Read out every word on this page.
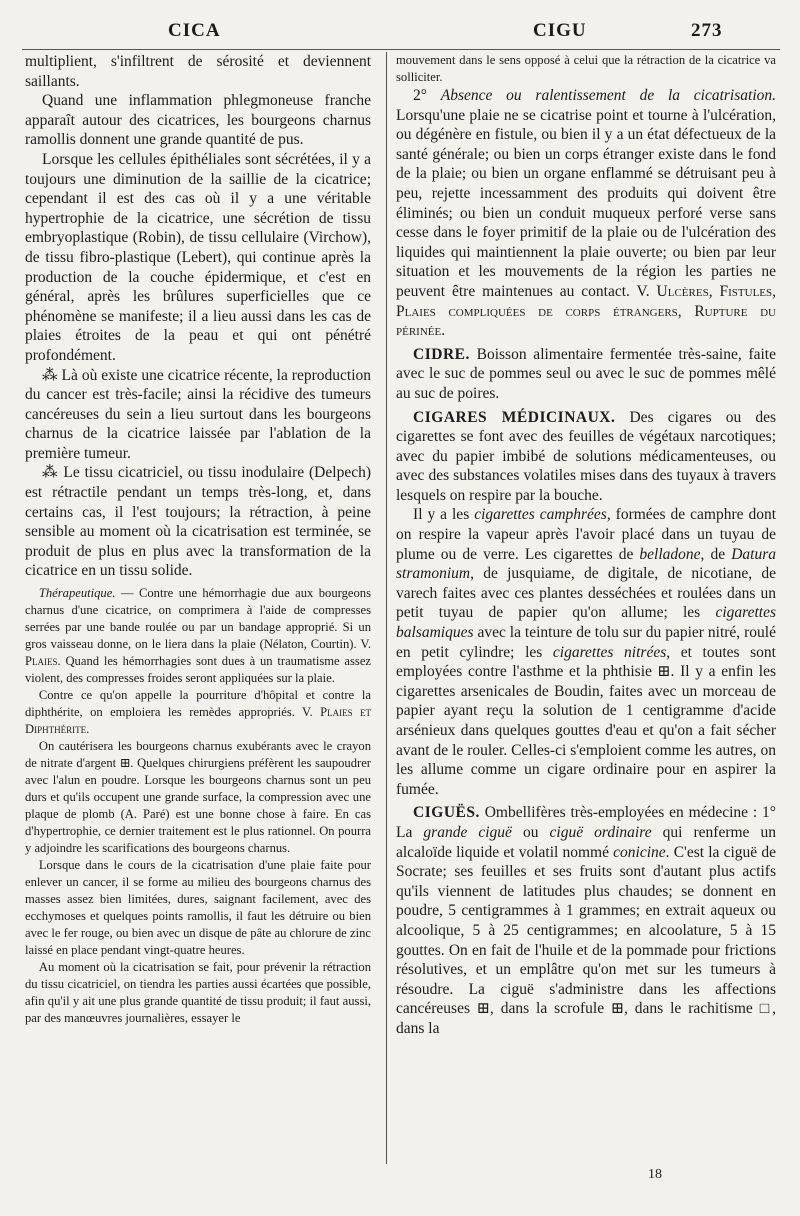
CICA	CIGU	273

multiplient, s'infiltrent de sérosité et deviennent saillants.

Quand une inflammation phlegmoneuse franche apparaît autour des cicatrices, les bourgeons charnus ramollis donnent une grande quantité de pus.

Lorsque les cellules épithéliales sont sécrétées, il y a toujours une diminution de la saillie de la cicatrice; cependant il est des cas où il y a une véritable hypertrophie de la cicatrice, une sécrétion de tissu embryoplastique (Robin), de tissu cellulaire (Virchow), de tissu fibro-plastique (Lebert), qui continue après la production de la couche épidermique, et c'est en général, après les brûlures superficielles que ce phénomène se manifeste; il a lieu aussi dans les cas de plaies étroites de la peau et qui ont pénétré profondément.

⁂ Là où existe une cicatrice récente, la reproduction du cancer est très-facile; ainsi la récidive des tumeurs cancéreuses du sein a lieu surtout dans les bourgeons charnus de la cicatrice laissée par l'ablation de la première tumeur.

⁂ Le tissu cicatriciel, ou tissu inodulaire (Delpech) est rétractile pendant un temps très-long, et, dans certains cas, il l'est toujours; la rétraction, à peine sensible au moment où la cicatrisation est terminée, se produit de plus en plus avec la transformation de la cicatrice en un tissu solide.

Thérapeutique. — Contre une hémorrhagie due aux bourgeons charnus d'une cicatrice, on comprimera à l'aide de compresses serrées par une bande roulée ou par un bandage approprié. Si un gros vaisseau donne, on le liera dans la plaie (Nélaton, Courtin). V. Plaies. Quand les hémorrhagies sont dues à un traumatisme assez violent, des compresses froides seront appliquées sur la plaie.

Contre ce qu'on appelle la pourriture d'hôpital et contre la diphthérite, on emploiera les remèdes appropriés. V. Plaies et Diphthérite.

On cautérisera les bourgeons charnus exubérants avec le crayon de nitrate d'argent ⊞. Quelques chirurgiens préfèrent les saupoudrer avec l'alun en poudre. Lorsque les bourgeons charnus sont un peu durs et qu'ils occupent une grande surface, la compression avec une plaque de plomb (A. Paré) est une bonne chose à faire. En cas d'hypertrophie, ce dernier traitement est le plus rationnel. On pourra y adjoindre les scarifications des bourgeons charnus.

Lorsque dans le cours de la cicatrisation d'une plaie faite pour enlever un cancer, il se forme au milieu des bourgeons charnus des masses assez bien limitées, dures, saignant facilement, avec des ecchymoses et quelques points ramollis, il faut les détruire ou bien avec le fer rouge, ou bien avec un disque de pâte au chlorure de zinc laissé en place pendant vingt-quatre heures.

Au moment où la cicatrisation se fait, pour prévenir la rétraction du tissu cicatriciel, on tiendra les parties aussi écartées que possible, afin qu'il y ait une plus grande quantité de tissu produit; il faut aussi, par des manœuvres journalières, essayer le

mouvement dans le sens opposé à celui que la rétraction de la cicatrice va solliciter.

2° Absence ou ralentissement de la cicatrisation. Lorsqu'une plaie ne se cicatrise point et tourne à l'ulcération, ou dégénère en fistule, ou bien il y a un état défectueux de la santé générale; ou bien un corps étranger existe dans le fond de la plaie; ou bien un organe enflammé se détruisant peu à peu, rejette incessamment des produits qui doivent être éliminés; ou bien un conduit muqueux perforé verse sans cesse dans le foyer primitif de la plaie ou de l'ulcération des liquides qui maintiennent la plaie ouverte; ou bien par leur situation et les mouvements de la région les parties ne peuvent être maintenues au contact. V. Ulcères, Fistules, Plaies compliquées de corps étrangers, Rupture du périnée.

CIDRE. Boisson alimentaire fermentée très-saine, faite avec le suc de pommes seul ou avec le suc de pommes mêlé au suc de poires.

CIGARES MÉDICINAUX. Des cigares ou des cigarettes se font avec des feuilles de végétaux narcotiques; avec du papier imbibé de solutions médicamenteuses, ou avec des substances volatiles mises dans des tuyaux à travers lesquels on respire par la bouche.

Il y a les cigarettes camphrées, formées de camphre dont on respire la vapeur après l'avoir placé dans un tuyau de plume ou de verre. Les cigarettes de belladone, de Datura stramonium, de jusquiame, de digitale, de nicotiane, de varech faites avec ces plantes desséchées et roulées dans un petit tuyau de papier qu'on allume; les cigarettes balsamiques avec la teinture de tolu sur du papier nitré, roulé en petit cylindre; les cigarettes nitrées, et toutes sont employées contre l'asthme et la phthisie ⊞. Il y a enfin les cigarettes arsenicales de Boudin, faites avec un morceau de papier ayant reçu la solution de 1 centigramme d'acide arsénieux dans quelques gouttes d'eau et qu'on a fait sécher avant de le rouler. Celles-ci s'emploient comme les autres, on les allume comme un cigare ordinaire pour en aspirer la fumée.

CIGUËS. Ombellifères très-employées en médecine : 1° La grande ciguë ou ciguë ordinaire qui renferme un alcaloïde liquide et volatil nommé conicine. C'est la ciguë de Socrate; ses feuilles et ses fruits sont d'autant plus actifs qu'ils viennent de latitudes plus chaudes; se donnent en poudre, 5 centigrammes à 1 grammes; en extrait aqueux ou alcoolique, 5 à 25 centigrammes; en alcoolature, 5 à 15 gouttes. On en fait de l'huile et de la pommade pour frictions résolutives, et un emplâtre qu'on met sur les tumeurs à résoudre. La ciguë s'administre dans les affections cancéreuses ⊞, dans la scrofule ⊞, dans le rachitisme □, dans la

18
